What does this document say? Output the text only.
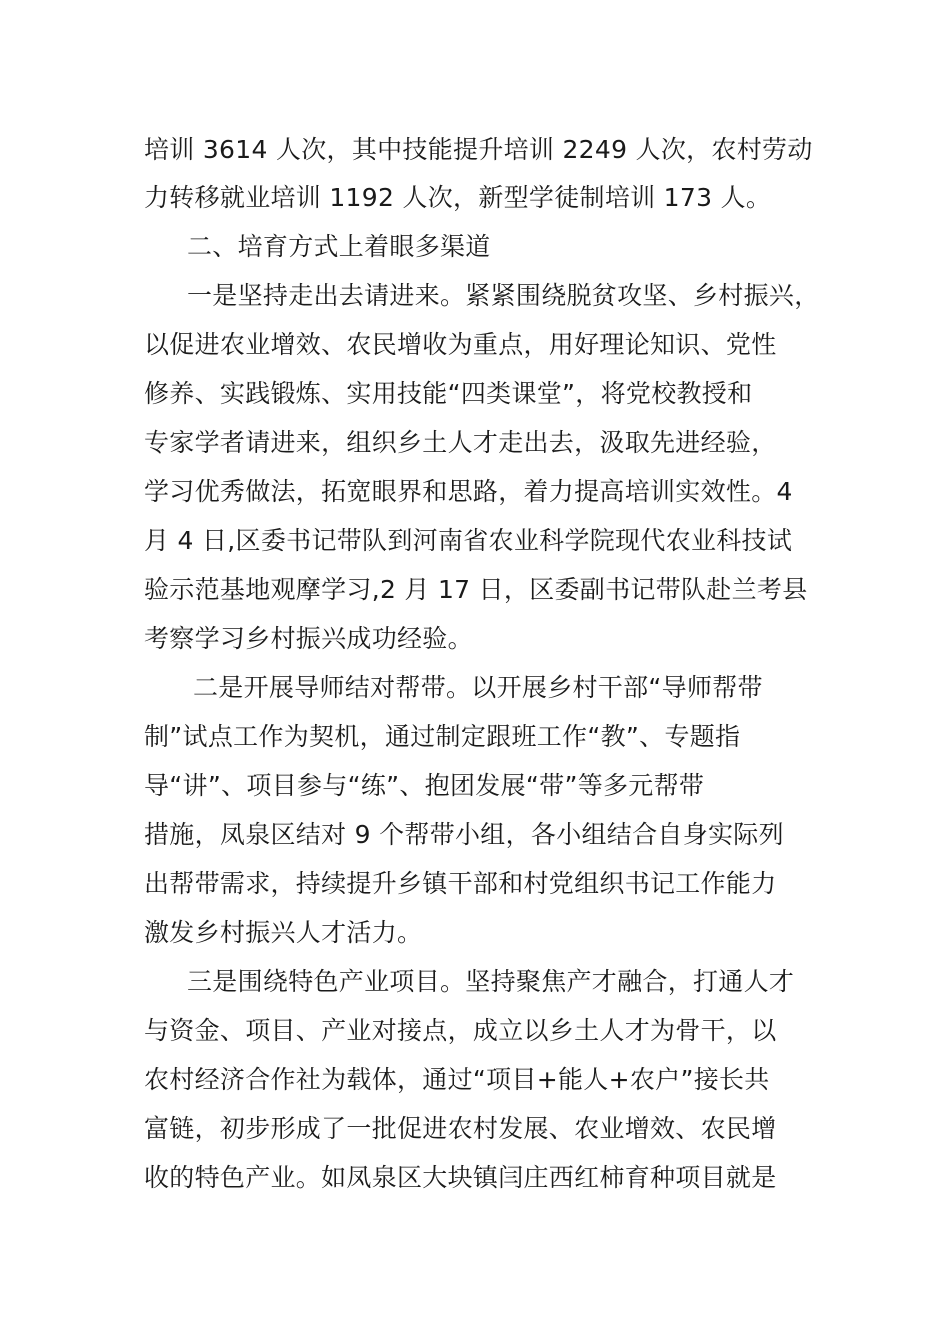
培训 3614 人次，其中技能提升培训 2249 人次，农村劳动
力转移就业培训 1192 人次，新型学徒制培训 173 人。
二、培育方式上着眼多渠道
一是坚持走出去请进来。紧紧围绕脱贫攻坚、乡村振兴，
以促进农业增效、农民增收为重点，用好理论知识、党性
修养、实践锻炼、实用技能“四类课堂”，将党校教授和
专家学者请进来，组织乡土人才走出去，汲取先进经验，
学习优秀做法，拓宽眼界和思路，着力提高培训实效性。4
月 4 日,区委书记带队到河南省农业科学院现代农业科技试
验示范基地观摩学习,2 月 17 日，区委副书记带队赴兰考县
考察学习乡村振兴成功经验。
二是开展导师结对帮带。以开展乡村干部“导师帮带
制”试点工作为契机，通过制定跟班工作“教”、专题指
导“讲”、项目参与“练”、抱团发展“带”等多元帮带
措施，凤泉区结对 9 个帮带小组，各小组结合自身实际列
出帮带需求，持续提升乡镇干部和村党组织书记工作能力
激发乡村振兴人才活力。
三是围绕特色产业项目。坚持聚焦产才融合，打通人才
与资金、项目、产业对接点，成立以乡土人才为骨干，以
农村经济合作社为载体，通过“项目+能人+农户”接长共
富链，初步形成了一批促进农村发展、农业增效、农民增
收的特色产业。如凤泉区大块镇闫庄西红柿育种项目就是
